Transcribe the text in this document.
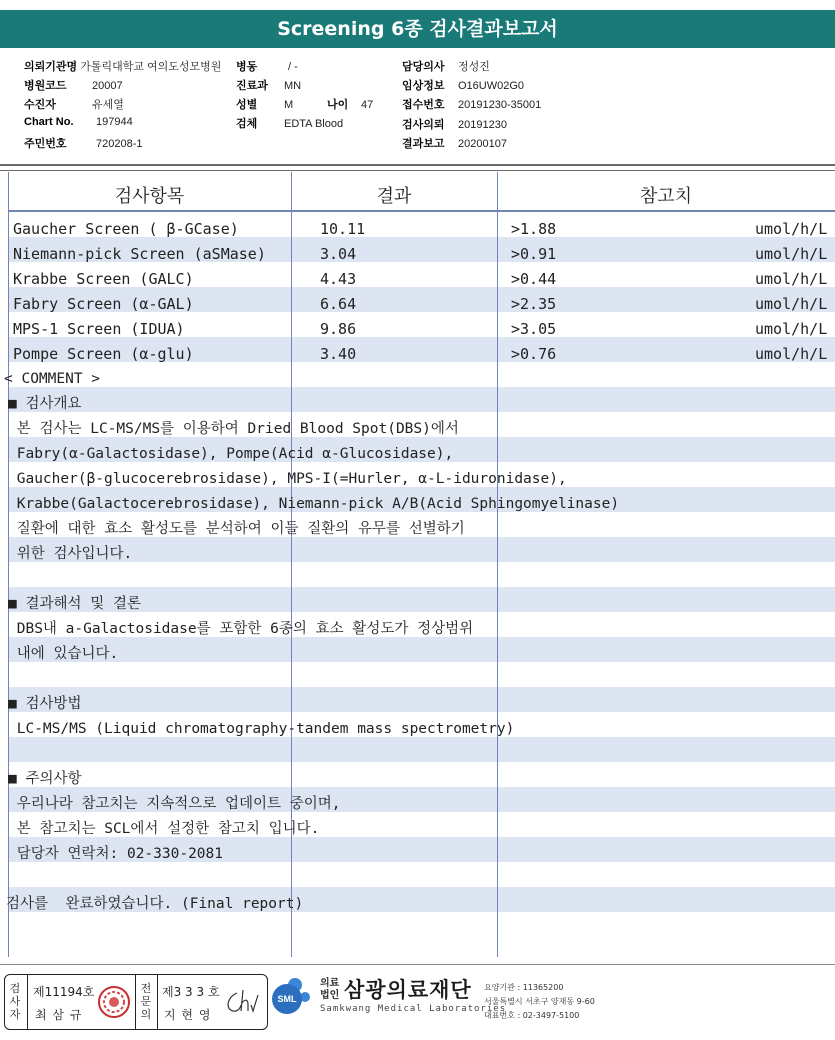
Screening 6종 검사결과보고서
의뢰기관명 가톨릭대학교 여의도성모병원
병원코드 20007
수진자	유세열
Chart No. 197944
주민번호	720208-1
병동	/ -
진료과 MN
성별 M	나이 47
검체 EDTA Blood
담당의사 정성진
임상정보 O16UW02G0
접수번호 20191230-35001
검사의뢰 20191230
결과보고 20200107
검사항목	결과	참고치
Gaucher Screen ( β-GCase)	10.11	>1.88	umol/h/L
Niemann-pick Screen (aSMase)	3.04	>0.91	umol/h/L
Krabbe Screen (GALC)	4.43	>0.44	umol/h/L
Fabry Screen (α-GAL)	6.64	>2.35	umol/h/L
MPS-1 Screen (IDUA)	9.86	>3.05	umol/h/L
Pompe Screen (α-glu)	3.40	>0.76	umol/h/L
< COMMENT >
■ 검사개요
본 검사는 LC-MS/MS를 이용하여 Dried Blood Spot(DBS)에서
Fabry(α-Galactosidase), Pompe(Acid α-Glucosidase),
Gaucher(β-glucocerebrosidase), MPS-I(=Hurler, α-L-iduronidase),
Krabbe(Galactocerebrosidase), Niemann-pick A/B(Acid Sphingomyelinase)
질환에 대한 효소 활성도를 분석하여 이들 질환의 유무를 선별하기
위한 검사입니다.
■ 결과해석 및 결론
DBS내 a-Galactosidase를 포함한 6종의 효소 활성도가 정상범위
내에 있습니다.
■ 검사방법
LC-MS/MS (Liquid chromatography-tandem mass spectrometry)
■ 주의사항
우리나라 참고치는 지속적으로 업데이트 중이며,
본 참고치는 SCL에서 설정한 참고치 입니다.
담당자 연락처: 02-330-2081
검사를  완료하였습니다. (Final report)
검사자
제11194호
최 삼 규
전문의
제3 3 3 호
지 현 영
SML
의료법인 삼광의료재단
Samkwang Medical Laboratories
요양기관 : 11365200
서울특별시 서초구 양재동 9-60
대표번호 : 02-3497-5100
